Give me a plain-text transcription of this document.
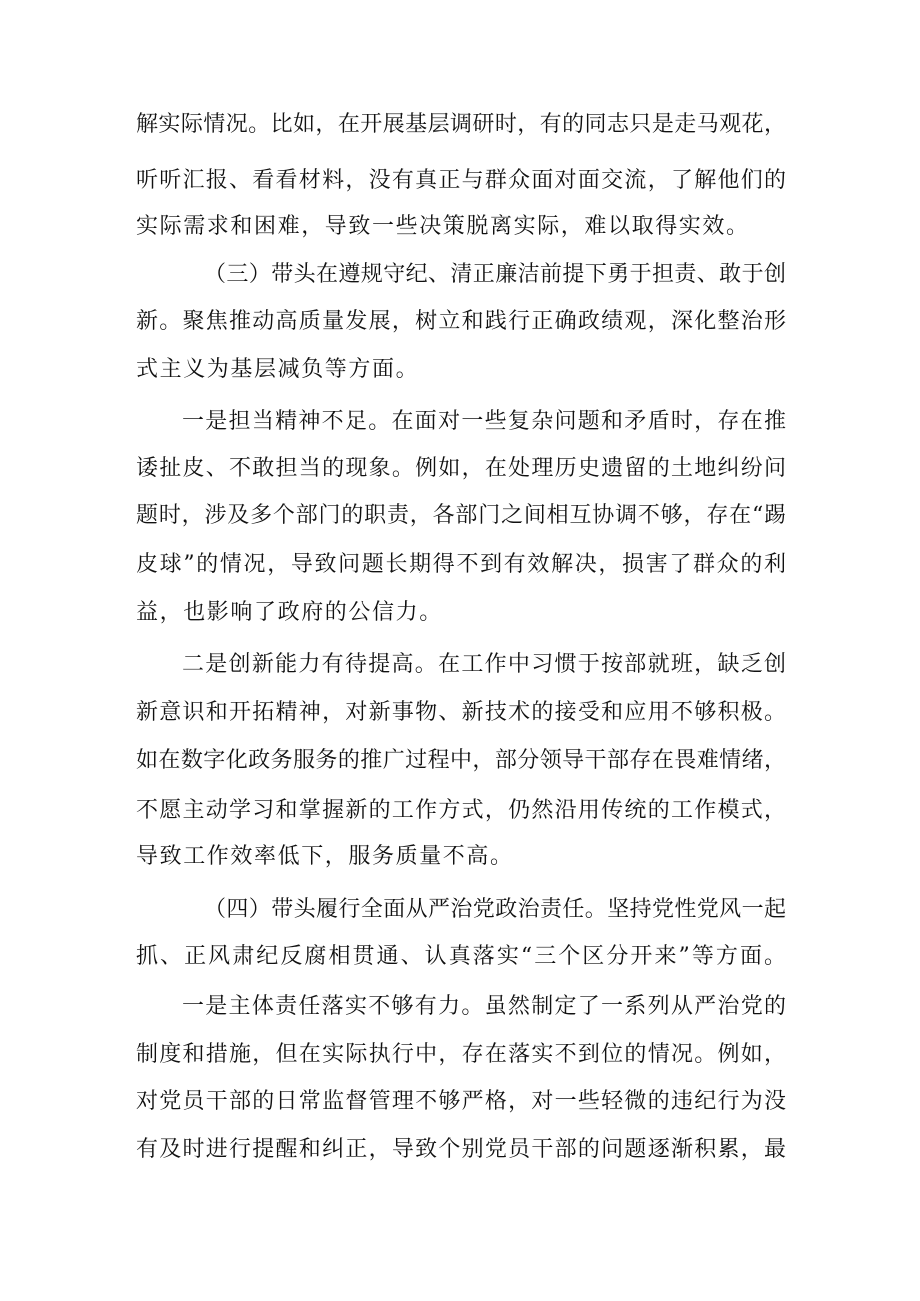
解实际情况。比如，在开展基层调研时，有的同志只是走马观花，
听听汇报、看看材料，没有真正与群众面对面交流，了解他们的
实际需求和困难，导致一些决策脱离实际，难以取得实效。
（三）带头在遵规守纪、清正廉洁前提下勇于担责、敢于创
新。聚焦推动高质量发展，树立和践行正确政绩观，深化整治形
式主义为基层减负等方面。
一是担当精神不足。在面对一些复杂问题和矛盾时，存在推
诿扯皮、不敢担当的现象。例如，在处理历史遗留的土地纠纷问
题时，涉及多个部门的职责，各部门之间相互协调不够，存在“踢
皮球”的情况，导致问题长期得不到有效解决，损害了群众的利
益，也影响了政府的公信力。
二是创新能力有待提高。在工作中习惯于按部就班，缺乏创
新意识和开拓精神，对新事物、新技术的接受和应用不够积极。
如在数字化政务服务的推广过程中，部分领导干部存在畏难情绪，
不愿主动学习和掌握新的工作方式，仍然沿用传统的工作模式，
导致工作效率低下，服务质量不高。
（四）带头履行全面从严治党政治责任。坚持党性党风一起
抓、正风肃纪反腐相贯通、认真落实“三个区分开来”等方面。
一是主体责任落实不够有力。虽然制定了一系列从严治党的
制度和措施，但在实际执行中，存在落实不到位的情况。例如，
对党员干部的日常监督管理不够严格，对一些轻微的违纪行为没
有及时进行提醒和纠正，导致个别党员干部的问题逐渐积累，最
